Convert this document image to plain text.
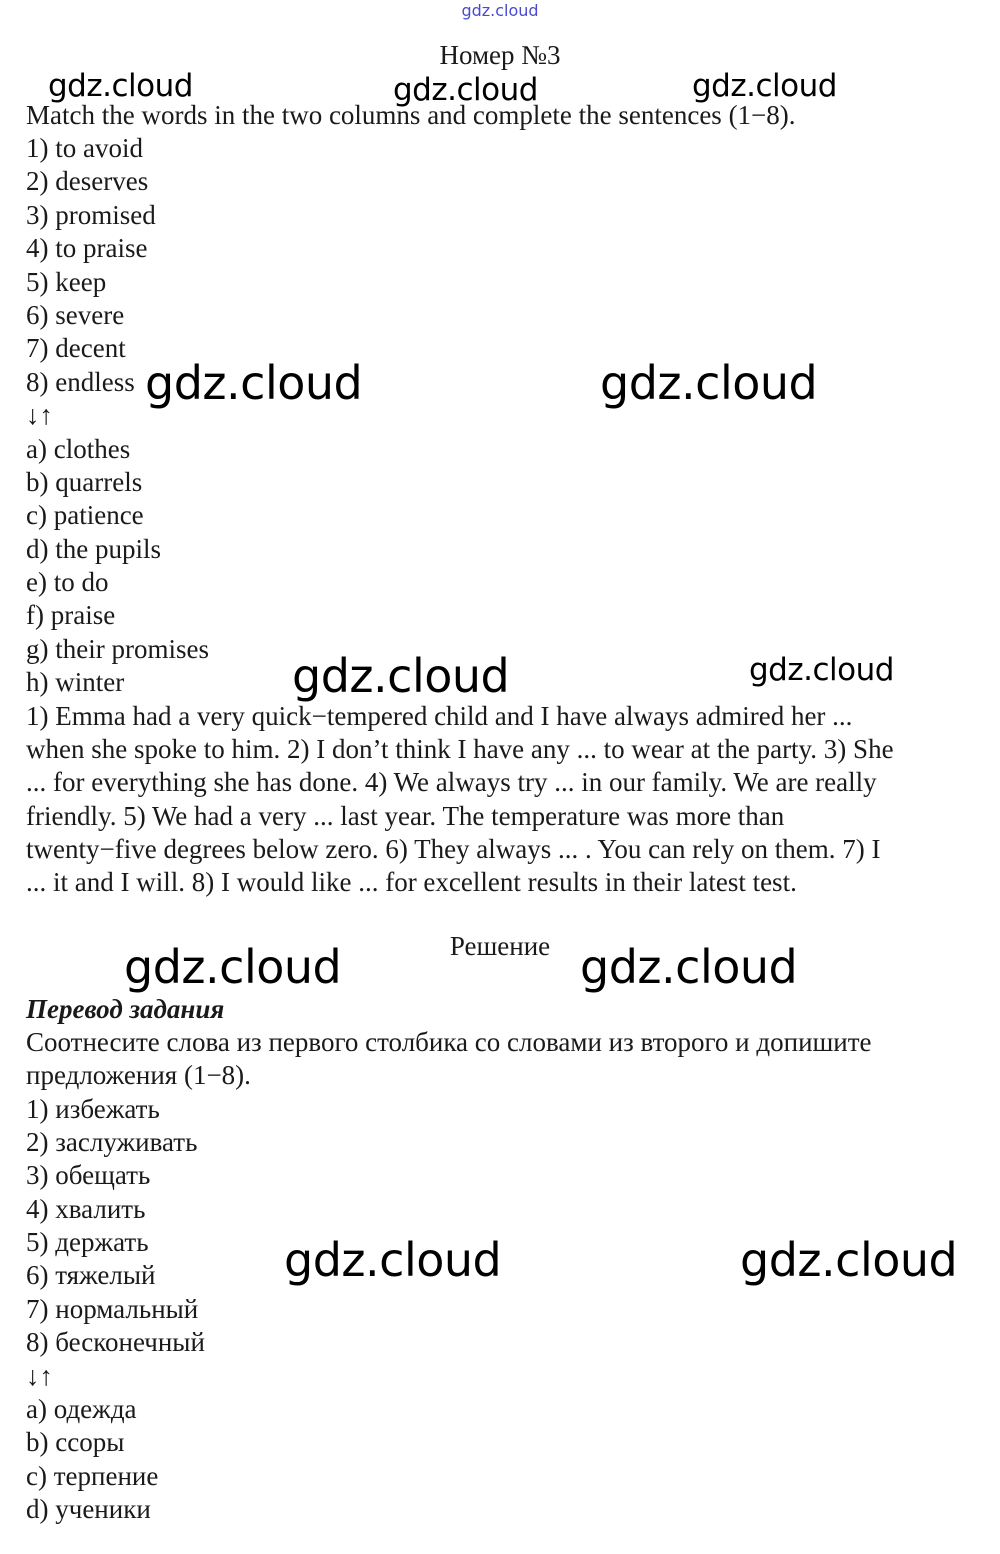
gdz.cloud
Номер №3
Match the words in the two columns and complete the sentences (1−8).
1) to avoid
2) deserves
3) promised
4) to praise
5) keep
6) severe
7) decent
8) endless
↓↑
a) clothes
b) quarrels
c) patience
d) the pupils
e) to do
f) praise
g) their promises
h) winter
1) Emma had a very quick−tempered child and I have always admired her ...
when she spoke to him. 2) I don’t think I have any ... to wear at the party. 3) She
... for everything she has done. 4) We always try ... in our family. We are really
friendly. 5) We had a very ... last year. The temperature was more than
twenty−five degrees below zero. 6) They always ... . You can rely on them. 7) I
... it and I will. 8) I would like ... for excellent results in their latest test.
Решение
Перевод задания
Соотнесите слова из первого столбика со словами из второго и допишите
предложения (1−8).
1) избежать
2) заслуживать
3) обещать
4) хвалить
5) держать
6) тяжелый
7) нормальный
8) бесконечный
↓↑
a) одежда
b) ссоры
c) терпение
d) ученики
gdz.cloud	gdz.cloud	gdz.cloud
gdz.cloud	gdz.cloud
gdz.cloud	gdz.cloud
gdz.cloud	gdz.cloud
gdz.cloud	gdz.cloud
